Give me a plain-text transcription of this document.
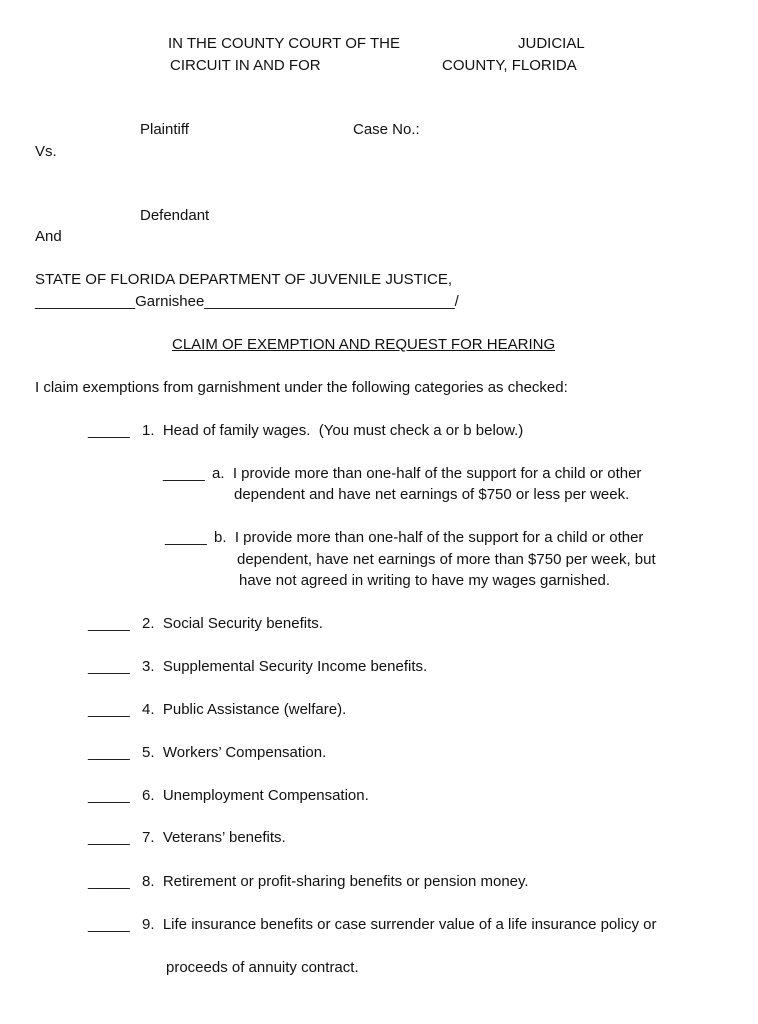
IN THE COUNTY COURT OF THE	JUDICIAL
CIRCUIT IN AND FOR	COUNTY, FLORIDA
Plaintiff	Case No.:
Vs.
Defendant
And
STATE OF FLORIDA DEPARTMENT OF JUVENILE JUSTICE,
____________Garnishee______________________________/
CLAIM OF EXEMPTION AND REQUEST FOR HEARING
I claim exemptions from garnishment under the following categories as checked:
_____ 1.  Head of family wages.  (You must check a or b below.)
_____ a.  I provide more than one-half of the support for a child or other
dependent and have net earnings of $750 or less per week.
_____ b.  I provide more than one-half of the support for a child or other
dependent, have net earnings of more than $750 per week, but
have not agreed in writing to have my wages garnished.
_____ 2.  Social Security benefits.
_____ 3.  Supplemental Security Income benefits.
_____ 4.  Public Assistance (welfare).
_____ 5.  Workers’ Compensation.
_____ 6.  Unemployment Compensation.
_____ 7.  Veterans’ benefits.
_____ 8.  Retirement or profit-sharing benefits or pension money.
_____ 9.  Life insurance benefits or case surrender value of a life insurance policy or
proceeds of annuity contract.
